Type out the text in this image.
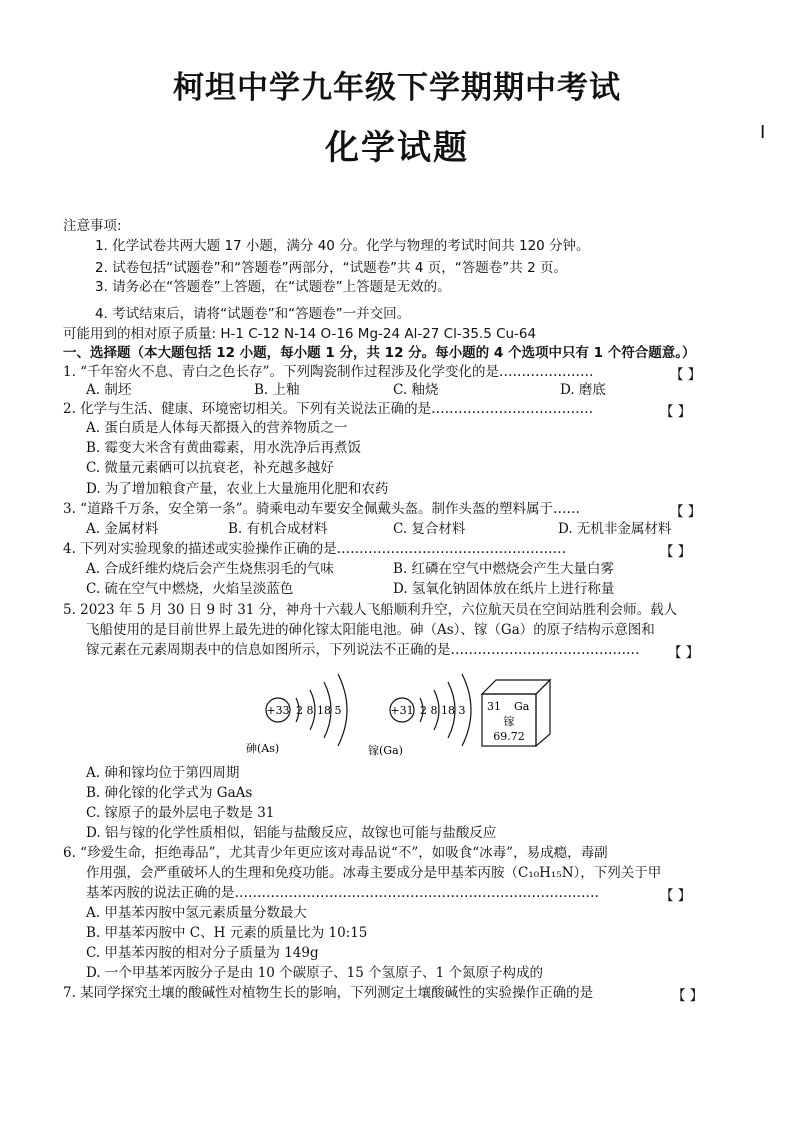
柯坦中学九年级下学期期中考试
化学试题	I
注意事项:
1. 化学试卷共两大题 17 小题，满分 40 分。化学与物理的考试时间共 120 分钟。
2. 试卷包括“试题卷”和“答题卷”两部分，“试题卷”共 4 页，“答题卷”共 2 页。
3. 请务必在“答题卷”上答题，在“试题卷”上答题是无效的。
4. 考试结束后，请将“试题卷”和“答题卷”一并交回。
可能用到的相对原子质量: H-1 C-12 N-14 O-16 Mg-24 Al-27 Cl-35.5 Cu-64
一、选择题（本大题包括 12 小题，每小题 1 分，共 12 分。每小题的 4 个选项中只有 1 个符合题意。）
1. “千年窑火不息、青白之色长存”。下列陶瓷制作过程涉及化学变化的是…………………	【 】
A. 制坯	B. 上釉	C. 釉烧	D. 磨底
2. 化学与生活、健康、环境密切相关。下列有关说法正确的是………………………………	【 】
A. 蛋白质是人体每天都摄入的营养物质之一
B. 霉变大米含有黄曲霉素，用水洗净后再煮饭
C. 微量元素硒可以抗衰老，补充越多越好
D. 为了增加粮食产量，农业上大量施用化肥和农药
3. “道路千万条，安全第一条”。骑乘电动车要安全佩戴头盔。制作头盔的塑料属于……	【 】
A. 金属材料	B. 有机合成材料	C. 复合材料	D. 无机非金属材料
4. 下列对实验现象的描述或实验操作正确的是……………………………………………	【 】
A. 合成纤维灼烧后会产生烧焦羽毛的气味	B. 红磷在空气中燃烧会产生大量白雾
C. 硫在空气中燃烧，火焰呈淡蓝色	D. 氢氧化钠固体放在纸片上进行称量
5. 2023 年 5 月 30 日 9 时 31 分，神舟十六载人飞船顺利升空，六位航天员在空间站胜利会师。载人
飞船使用的是目前世界上最先进的砷化镓太阳能电池。砷（As）、镓（Ga）的原子结构示意图和
镓元素在元素周期表中的信息如图所示，下列说法不正确的是…………………………………… 【 】
+33 2 8 18 5
砷(As)
+31 2 8 18 3
镓(Ga)
31 Ga
镓
69.72
A. 砷和镓均位于第四周期
B. 砷化镓的化学式为 GaAs
C. 镓原子的最外层电子数是 31
D. 铝与镓的化学性质相似，铝能与盐酸反应，故镓也可能与盐酸反应
6. “珍爱生命，拒绝毒品”，尤其青少年更应该对毒品说“不”，如吸食“冰毒”，易成瘾，毒副
作用强，会严重破坏人的生理和免疫功能。冰毒主要成分是甲基苯丙胺（C₁₀H₁₅N），下列关于甲
基苯丙胺的说法正确的是………………………………………………………………………	【 】
A. 甲基苯丙胺中氢元素质量分数最大
B. 甲基苯丙胺中 C、H 元素的质量比为 10:15
C. 甲基苯丙胺的相对分子质量为 149g
D. 一个甲基苯丙胺分子是由 10 个碳原子、15 个氢原子、1 个氮原子构成的
7. 某同学探究土壤的酸碱性对植物生长的影响，下列测定土壤酸碱性的实验操作正确的是	【 】
